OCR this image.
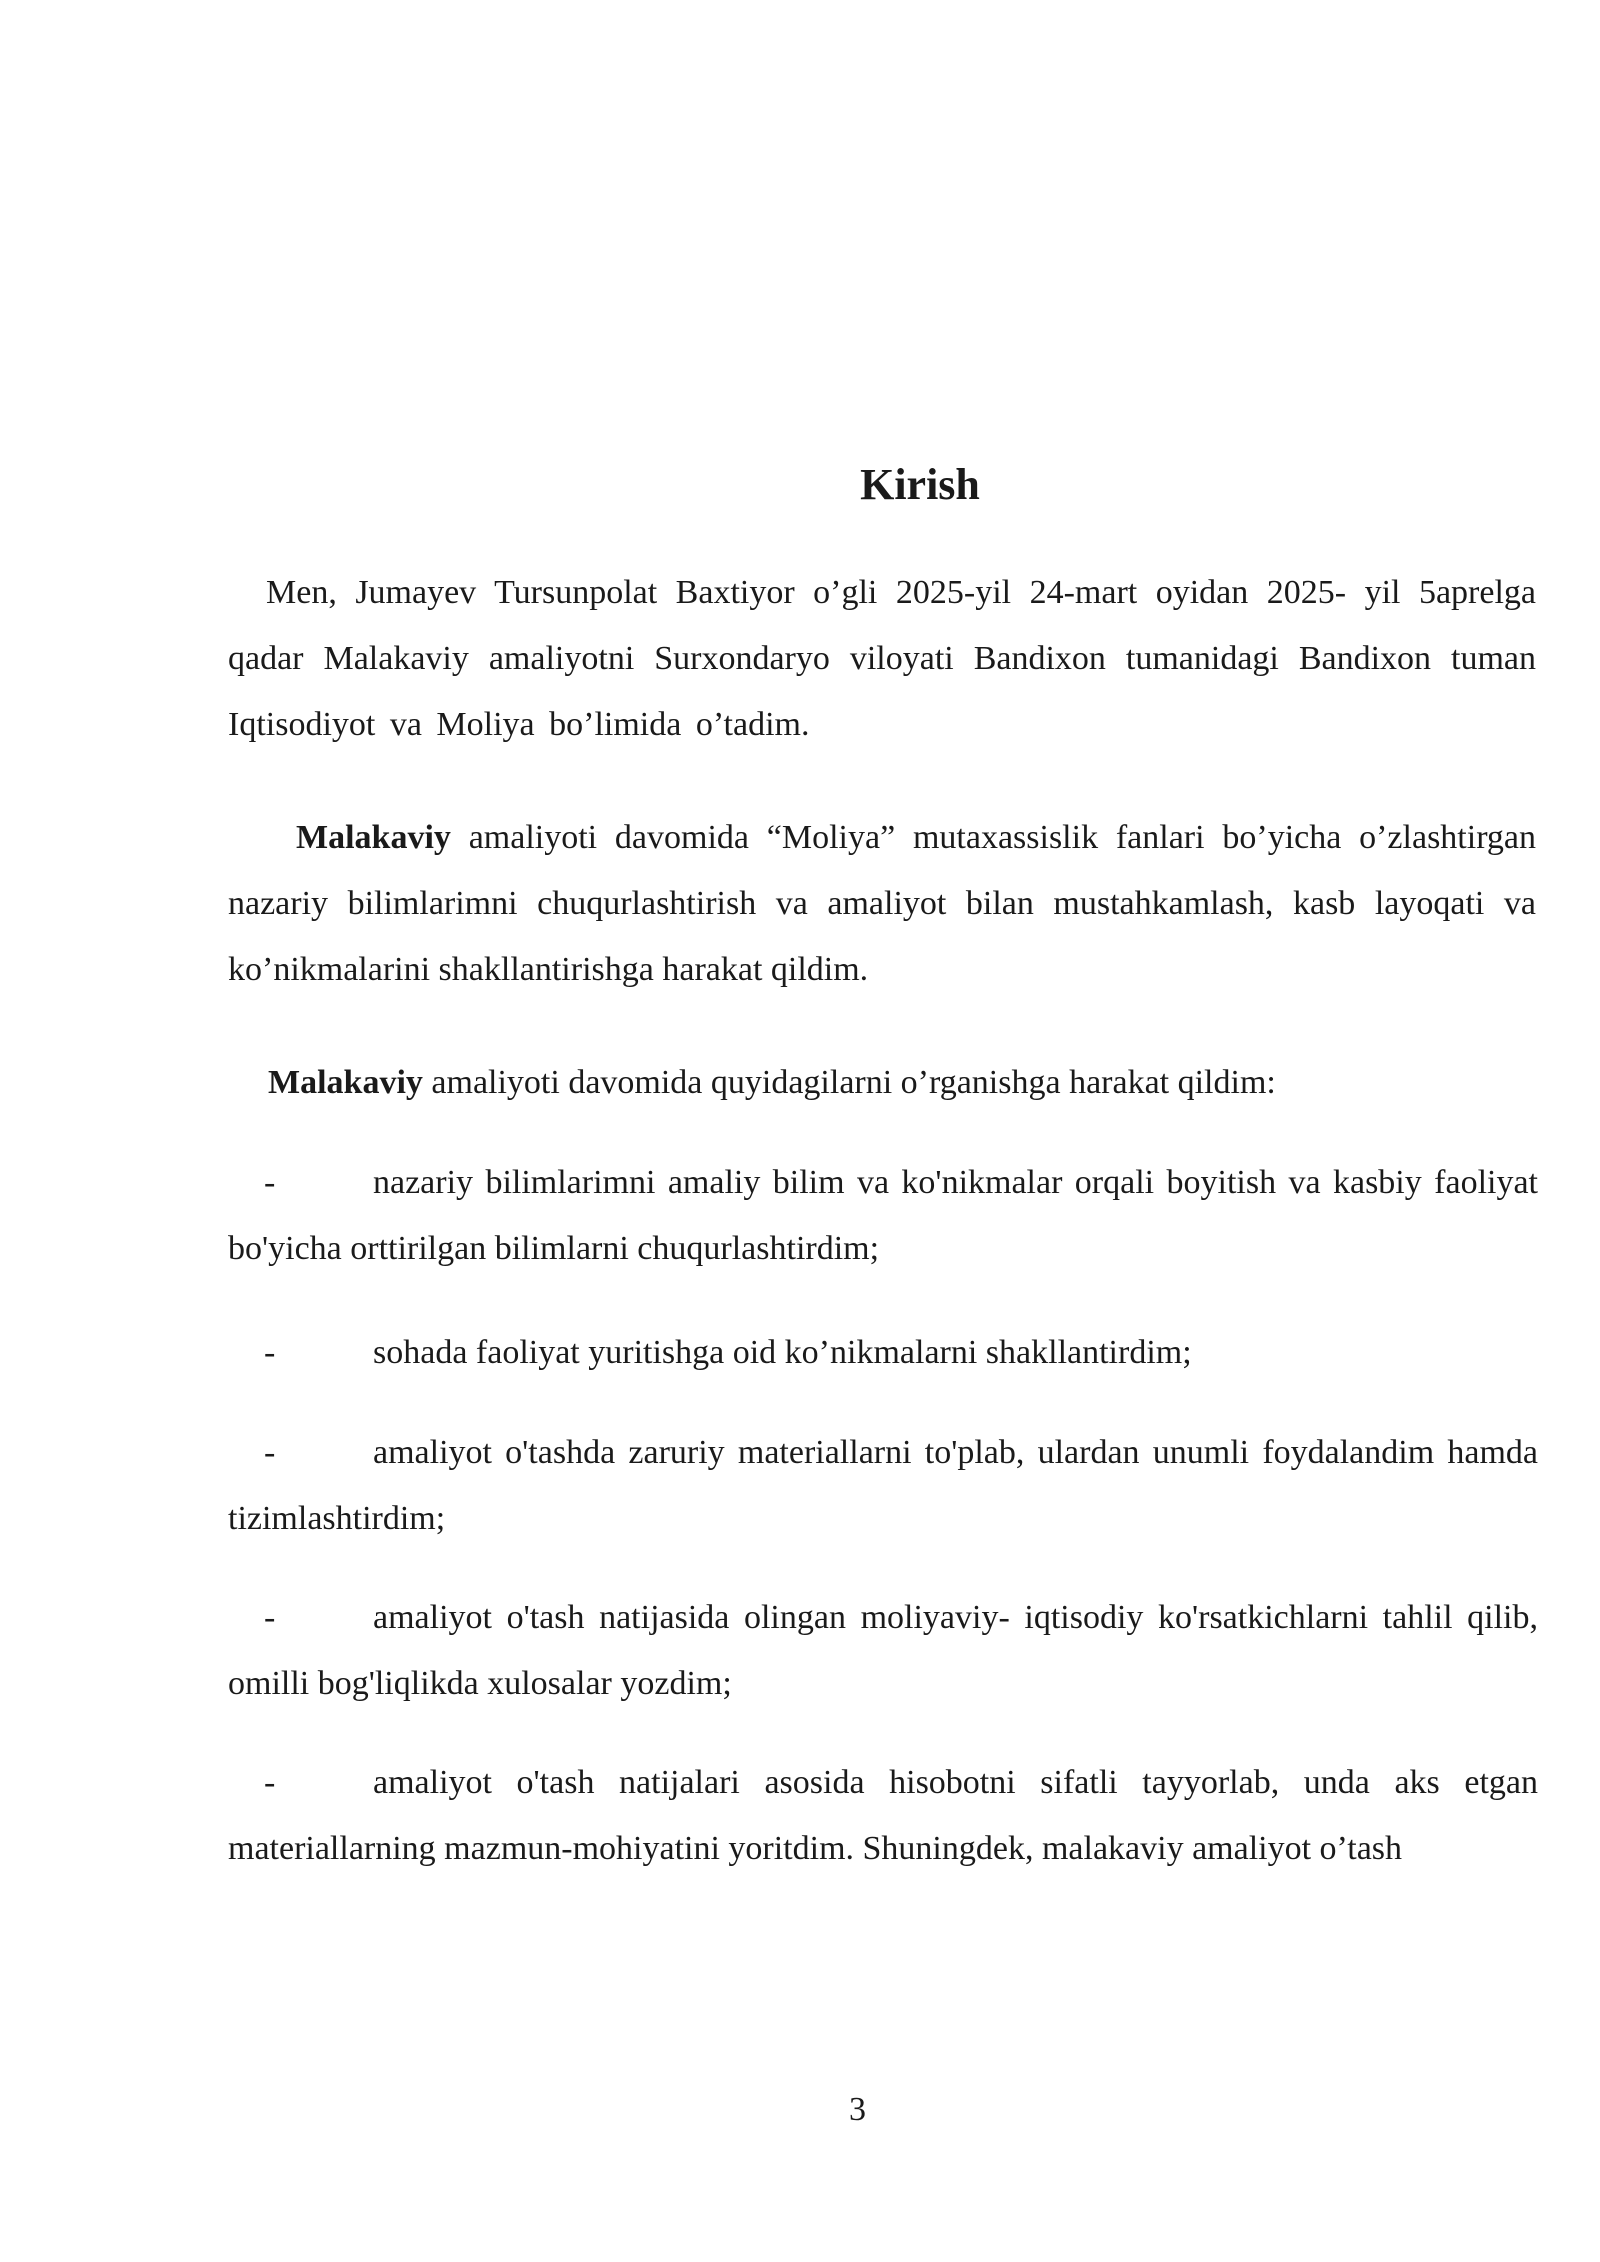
Kirish

Men, Jumayev Tursunpolat Baxtiyor o’gli 2025-yil 24-mart oyidan 2025- yil 5aprelga qadar Malakaviy amaliyotni Surxondaryo viloyati Bandixon tumanidagi Bandixon tuman Iqtisodiyot va Moliya bo’limida o’tadim.

Malakaviy amaliyoti davomida “Moliya” mutaxassislik fanlari bo’yicha o’zlashtirgan nazariy bilimlarimni chuqurlashtirish va amaliyot bilan mustahkamlash, kasb layoqati va ko’nikmalarini shakllantirishga harakat qildim.

Malakaviy amaliyoti davomida quyidagilarni o’rganishga harakat qildim:

-	nazariy bilimlarimni amaliy bilim va ko'nikmalar orqali boyitish va kasbiy faoliyat bo'yicha orttirilgan bilimlarni chuqurlashtirdim;

-	sohada faoliyat yuritishga oid ko’nikmalarni shakllantirdim;

-	amaliyot o'tashda zaruriy materiallarni to'plab, ulardan unumli foydalandim hamda tizimlashtirdim;

-	amaliyot o'tash natijasida olingan moliyaviy- iqtisodiy ko'rsatkichlarni tahlil qilib, omilli bog'liqlikda xulosalar yozdim;

-	amaliyot o'tash natijalari asosida hisobotni sifatli tayyorlab, unda aks etgan materiallarning mazmun-mohiyatini yoritdim. Shuningdek, malakaviy amaliyot o’tash

3
